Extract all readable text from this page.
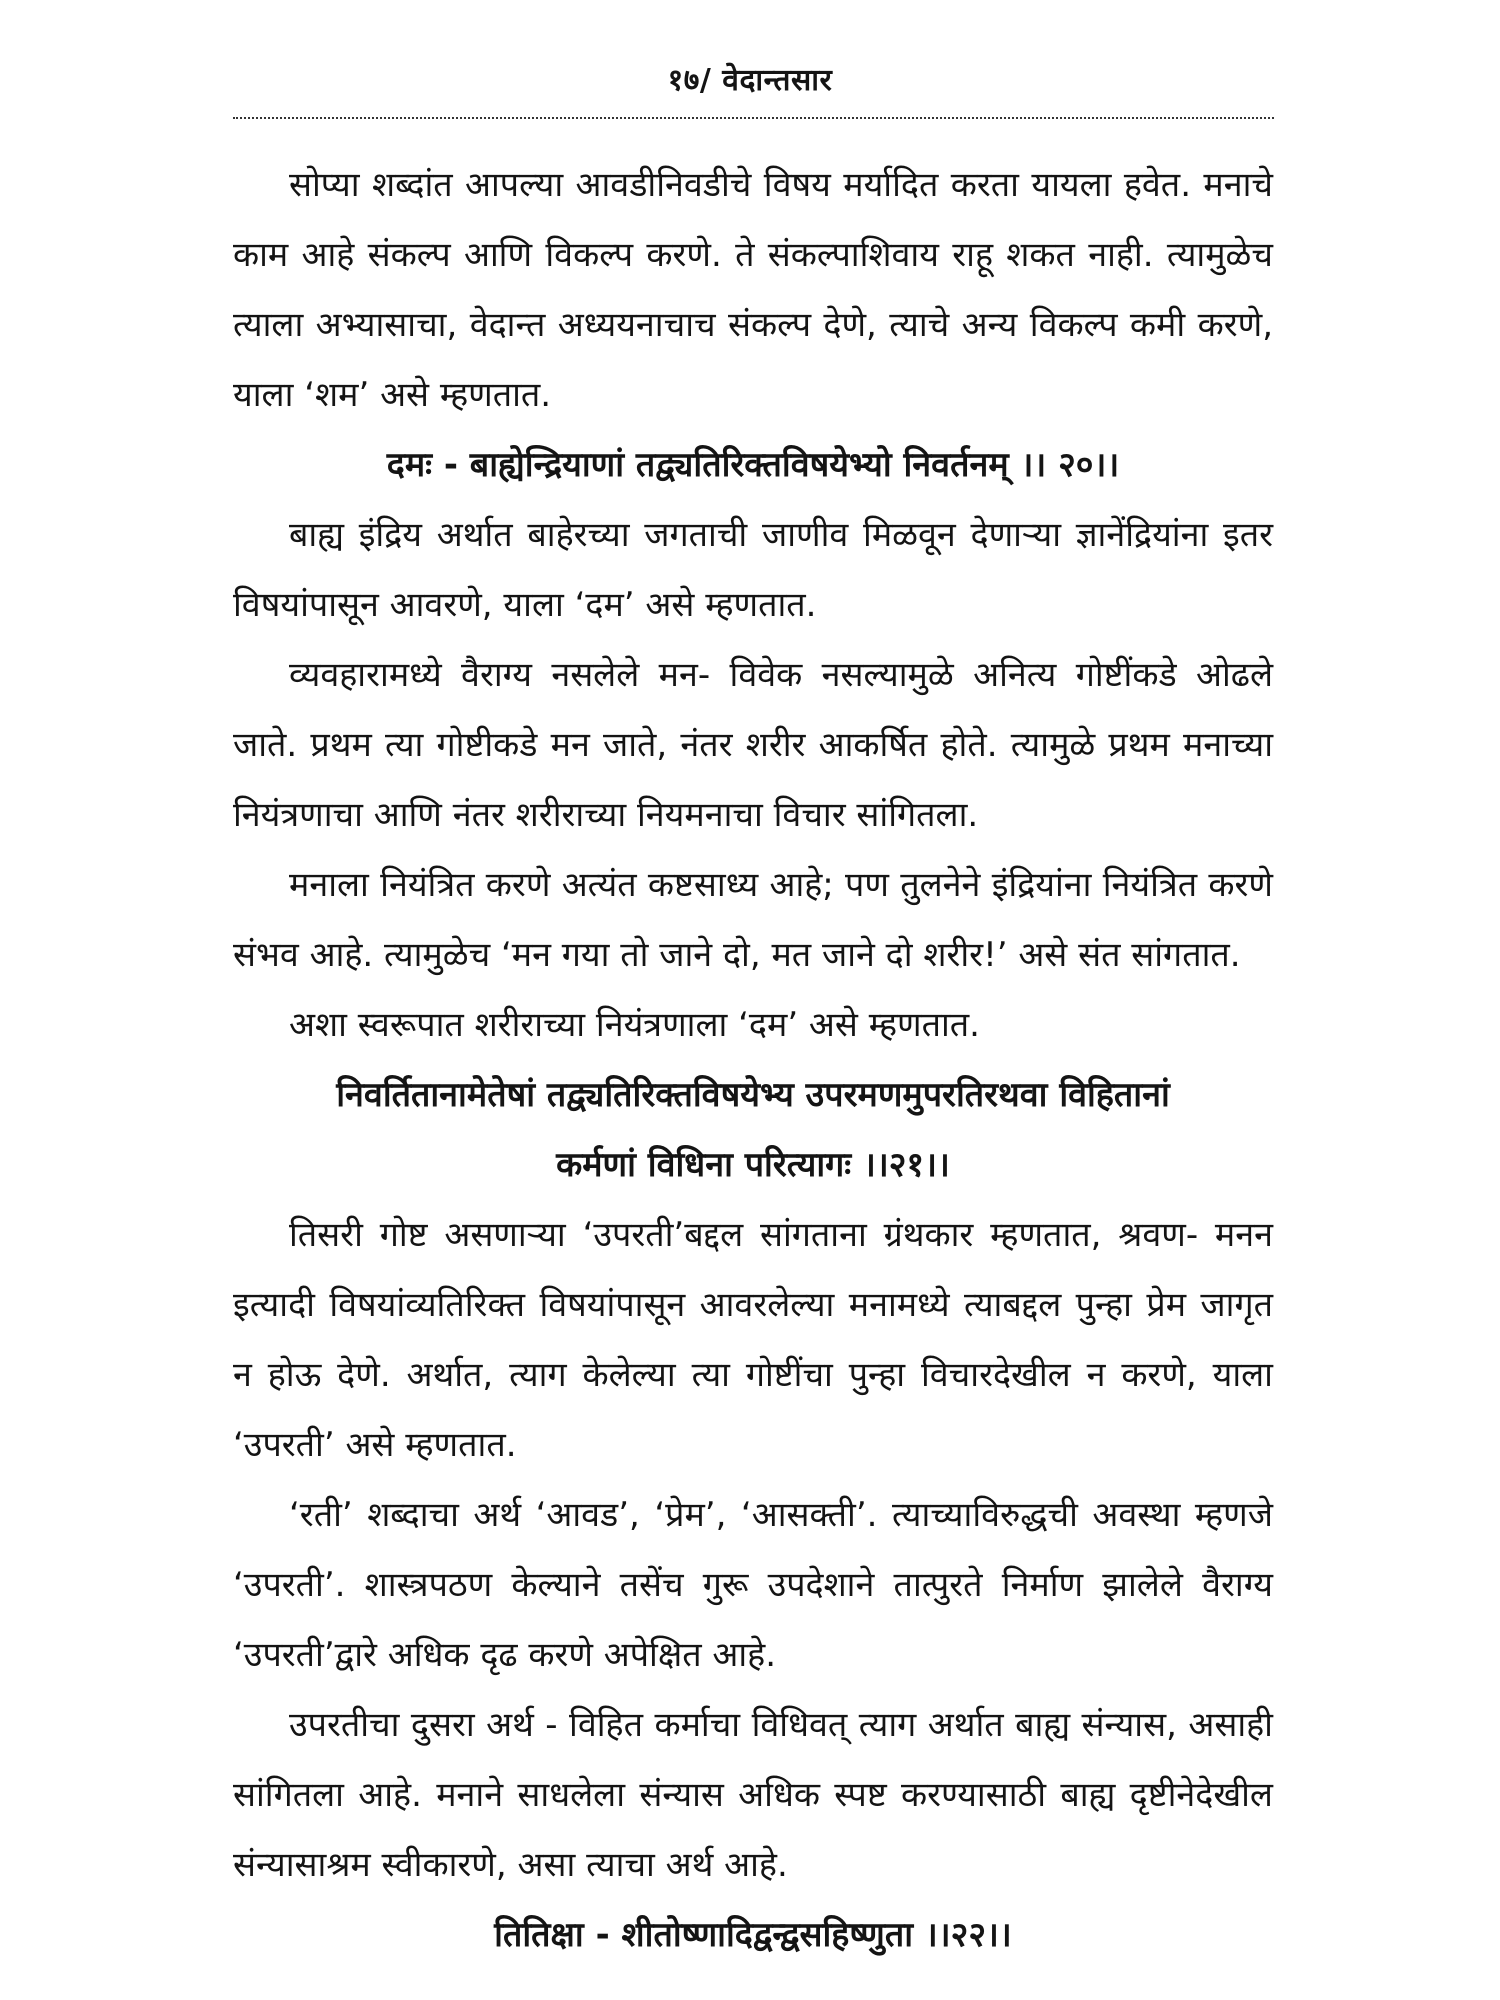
१७/ वेदान्तसार

सोप्या शब्दांत आपल्या आवडीनिवडीचे विषय मर्यादित करता यायला हवेत. मनाचे काम आहे संकल्प आणि विकल्प करणे. ते संकल्पाशिवाय राहू शकत नाही. त्यामुळेच त्याला अभ्यासाचा, वेदान्त अध्ययनाचाच संकल्प देणे, त्याचे अन्य विकल्प कमी करणे, याला ‘शम’ असे म्हणतात.

दमः - बाह्येन्द्रियाणां तद्व्यतिरिक्तविषयेभ्यो निवर्तनम् ।। २०।।

बाह्य इंद्रिय अर्थात बाहेरच्या जगताची जाणीव मिळवून देणाऱ्या ज्ञानेंद्रियांना इतर विषयांपासून आवरणे, याला ‘दम’ असे म्हणतात.

व्यवहारामध्ये वैराग्य नसलेले मन- विवेक नसल्यामुळे अनित्य गोष्टींकडे ओढले जाते. प्रथम त्या गोष्टीकडे मन जाते, नंतर शरीर आकर्षित होते. त्यामुळे प्रथम मनाच्या नियंत्रणाचा आणि नंतर शरीराच्या नियमनाचा विचार सांगितला.

मनाला नियंत्रित करणे अत्यंत कष्टसाध्य आहे; पण तुलनेने इंद्रियांना नियंत्रित करणे संभव आहे. त्यामुळेच ‘मन गया तो जाने दो, मत जाने दो शरीर!’ असे संत सांगतात.

अशा स्वरूपात शरीराच्या नियंत्रणाला ‘दम’ असे म्हणतात.

निवर्तितानामेतेषां तद्व्यतिरिक्तविषयेभ्य उपरमणमुपरतिरथवा विहितानां

कर्मणां विधिना परित्यागः ।।२१।।

तिसरी गोष्ट असणाऱ्या ‘उपरती’बद्दल सांगताना ग्रंथकार म्हणतात, श्रवण- मनन इत्यादी विषयांव्यतिरिक्त विषयांपासून आवरलेल्या मनामध्ये त्याबद्दल पुन्हा प्रेम जागृत न होऊ देणे. अर्थात, त्याग केलेल्या त्या गोष्टींचा पुन्हा विचारदेखील न करणे, याला ‘उपरती’ असे म्हणतात.

‘रती’ शब्दाचा अर्थ ‘आवड’, ‘प्रेम’, ‘आसक्ती’. त्याच्याविरुद्धची अवस्था म्हणजे ‘उपरती’. शास्त्रपठण केल्याने तसेंच गुरू उपदेशाने तात्पुरते निर्माण झालेले वैराग्य ‘उपरती’द्वारे अधिक दृढ करणे अपेक्षित आहे.

उपरतीचा दुसरा अर्थ - विहित कर्माचा विधिवत् त्याग अर्थात बाह्य संन्यास, असाही सांगितला आहे. मनाने साधलेला संन्यास अधिक स्पष्ट करण्यासाठी बाह्य दृष्टीनेदेखील संन्यासाश्रम स्वीकारणे, असा त्याचा अर्थ आहे.

तितिक्षा - शीतोष्णादिद्वन्द्वसहिष्णुता ।।२२।।
